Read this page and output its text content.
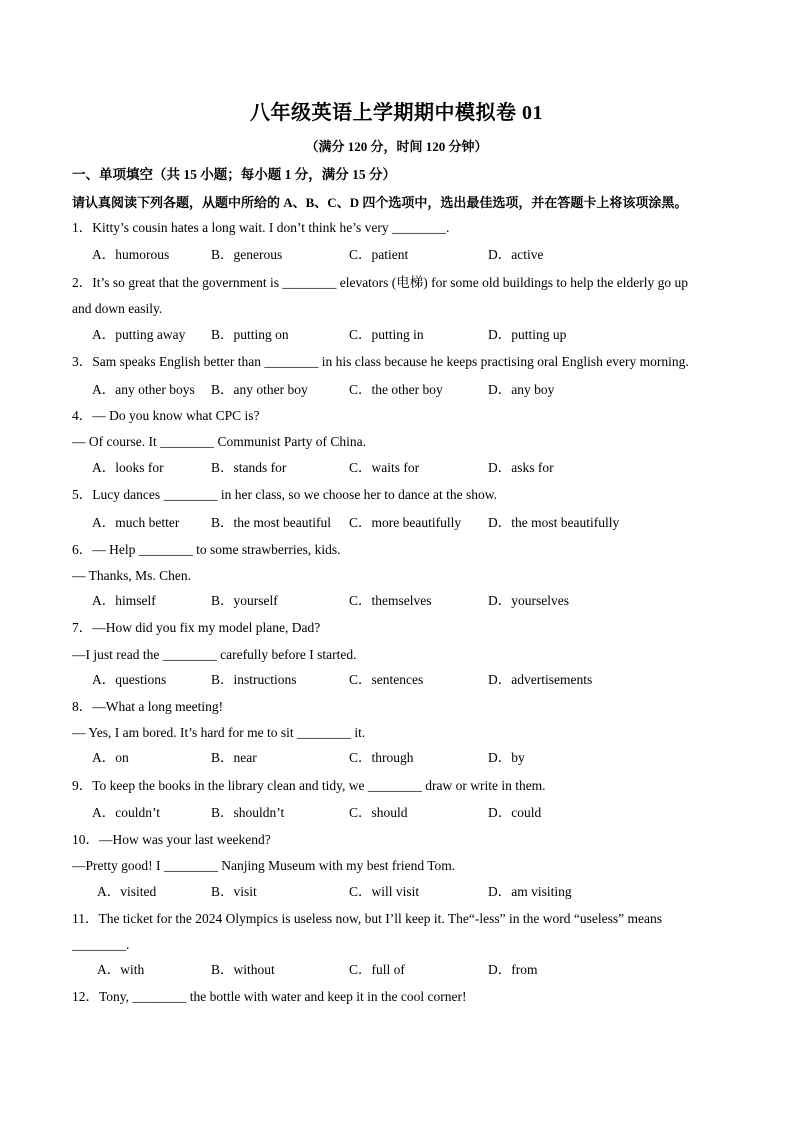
八年级英语上学期期中模拟卷 01
（满分 120 分，时间 120 分钟）
一、单项填空（共 15 小题；每小题 1 分，满分 15 分）
请认真阅读下列各题，从题中所给的 A、B、C、D 四个选项中，选出最佳选项，并在答题卡上将该项涂黑。
1．Kitty’s cousin hates a long wait. I don’t think he’s very ________.
A．humorous	B．generous	C．patient	D．active
2．It’s so great that the government is ________ elevators (电梯) for some old buildings to help the elderly go up
and down easily.
A．putting away B．putting on	C．putting in	D．putting up
3．Sam speaks English better than ________ in his class because he keeps practising oral English every morning.
A．any other boys B．any other boy	C．the other boy	D．any boy
4．— Do you know what CPC is?
— Of course. It ________ Communist Party of China.
A．looks for	B．stands for	C．waits for	D．asks for
5．Lucy dances ________ in her class, so we choose her to dance at the show.
A．much better B．the most beautiful C．more beautifully D．the most beautifully
6．— Help ________ to some strawberries, kids.
— Thanks, Ms. Chen.
A．himself	B．yourself	C．themselves	D．yourselves
7．—How did you fix my model plane, Dad?
—I just read the ________ carefully before I started.
A．questions	B．instructions	C．sentences	D．advertisements
8．—What a long meeting!
— Yes, I am bored. It’s hard for me to sit ________ it.
A．on	B．near	C．through	D．by
9．To keep the books in the library clean and tidy, we ________ draw or write in them.
A．couldn’t	B．shouldn’t	C．should	D．could
10．—How was your last weekend?
—Pretty good! I ________ Nanjing Museum with my best friend Tom.
A．visited	B．visit	C．will visit	D．am visiting
11．The ticket for the 2024 Olympics is useless now, but I’ll keep it. The“-less” in the word “useless” means
________.
A．with	B．without	C．full of	D．from
12．Tony, ________ the bottle with water and keep it in the cool corner!
